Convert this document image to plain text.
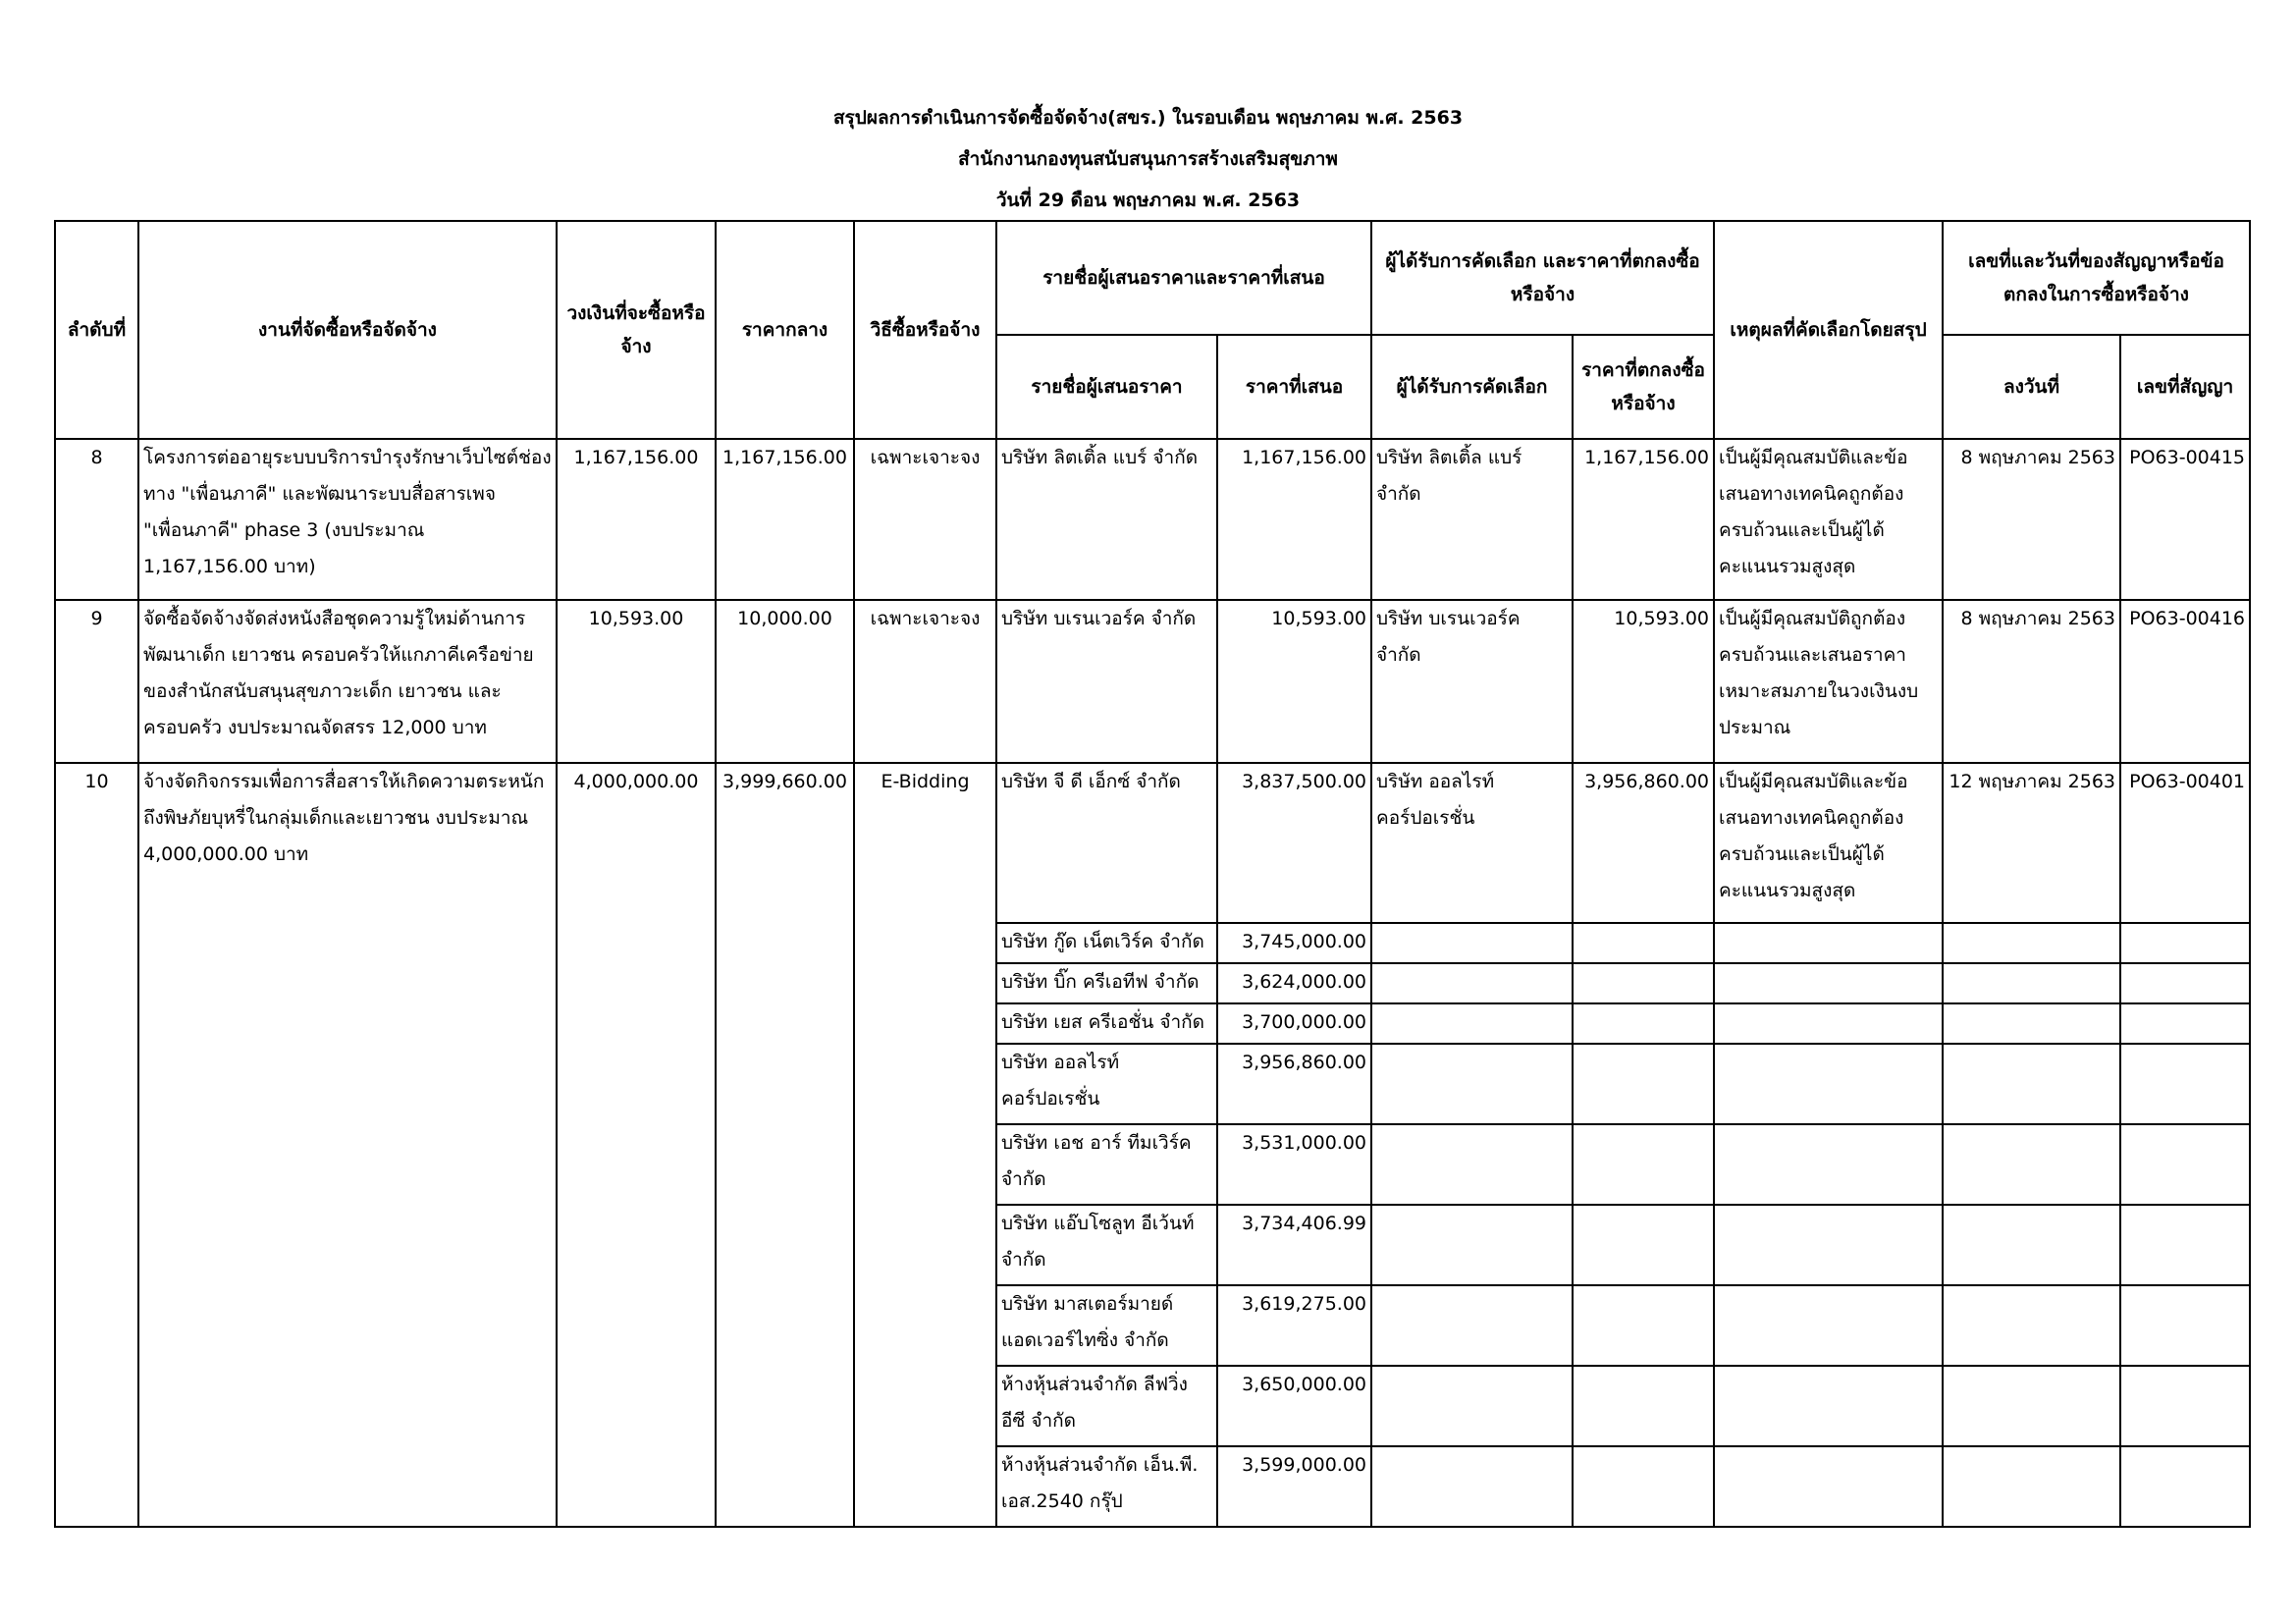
สรุปผลการดำเนินการจัดซื้อจัดจ้าง(สขร.) ในรอบเดือน พฤษภาคม พ.ศ. 2563
สำนักงานกองทุนสนับสนุนการสร้างเสริมสุขภาพ
วันที่ 29 ดือน พฤษภาคม พ.ศ. 2563
ลำดับที่	งานที่จัดซื้อหรือจัดจ้าง	วงเงินที่จะซื้อหรือจ้าง	ราคากลาง	วิธีซื้อหรือจ้าง	รายชื่อผู้เสนอราคาและราคาที่เสนอ		ผู้ได้รับการคัดเลือก และราคาที่ตกลงซื้อหรือจ้าง		เหตุผลที่คัดเลือกโดยสรุป	เลขที่และวันที่ของสัญญาหรือข้อตกลงในการซื้อหรือจ้าง	
					รายชื่อผู้เสนอราคา	ราคาที่เสนอ	ผู้ได้รับการคัดเลือก	ราคาที่ตกลงซื้อหรือจ้าง		ลงวันที่	เลขที่สัญญา
8	โครงการต่ออายุระบบบริการบำรุงรักษาเว็บไซต์ช่องทาง "เพื่อนภาคี" และพัฒนาระบบสื่อสารเพจ "เพื่อนภาคี" phase 3 (งบประมาณ 1,167,156.00 บาท)	1,167,156.00	1,167,156.00	เฉพาะเจาะจง	บริษัท ลิตเติ้ล แบร์ จำกัด	1,167,156.00	บริษัท ลิตเติ้ล แบร์ จำกัด	1,167,156.00	เป็นผู้มีคุณสมบัติและข้อเสนอทางเทคนิคถูกต้องครบถ้วนและเป็นผู้ได้คะแนนรวมสูงสุด	8 พฤษภาคม 2563	PO63-00415
9	จัดซื้อจัดจ้างจัดส่งหนังสือชุดความรู้ใหม่ด้านการพัฒนาเด็ก เยาวชน ครอบครัวให้แกภาคีเครือข่ายของสำนักสนับสนุนสุขภาวะเด็ก เยาวชน และครอบครัว งบประมาณจัดสรร 12,000 บาท	10,593.00	10,000.00	เฉพาะเจาะจง	บริษัท บเรนเวอร์ค จำกัด	10,593.00	บริษัท บเรนเวอร์ค จำกัด	10,593.00	เป็นผู้มีคุณสมบัติถูกต้องครบถ้วนและเสนอราคาเหมาะสมภายในวงเงินงบประมาณ	8 พฤษภาคม 2563	PO63-00416
10	จ้างจัดกิจกรรมเพื่อการสื่อสารให้เกิดความตระหนักถึงพิษภัยบุหรี่ในกลุ่มเด็กและเยาวชน งบประมาณ 4,000,000.00 บาท	4,000,000.00	3,999,660.00	E-Bidding	บริษัท จี ดี เอ็กซ์ จำกัด	3,837,500.00	บริษัท ออลไรท์ คอร์ปอเรชั่น	3,956,860.00	เป็นผู้มีคุณสมบัติและข้อเสนอทางเทคนิคถูกต้องครบถ้วนและเป็นผู้ได้คะแนนรวมสูงสุด	12 พฤษภาคม 2563	PO63-00401
					บริษัท กู๊ด เน็ตเวิร์ค จำกัด	3,745,000.00					
					บริษัท บิ๊ก ครีเอทีฟ จำกัด	3,624,000.00					
					บริษัท เยส ครีเอชั่น จำกัด	3,700,000.00					
					บริษัท ออลไรท์ คอร์ปอเรชั่น	3,956,860.00					
					บริษัท เอช อาร์ ทีมเวิร์ค จำกัด	3,531,000.00					
					บริษัท แอ๊บโซลูท อีเว้นท์ จำกัด	3,734,406.99					
					บริษัท มาสเตอร์มายด์ แอดเวอร์ไทซิ่ง จำกัด	3,619,275.00					
					ห้างหุ้นส่วนจำกัด ลีฟวิ่ง อีซี จำกัด	3,650,000.00					
					ห้างหุ้นส่วนจำกัด เอ็น.พี. เอส.2540 กรุ๊ป	3,599,000.00					
